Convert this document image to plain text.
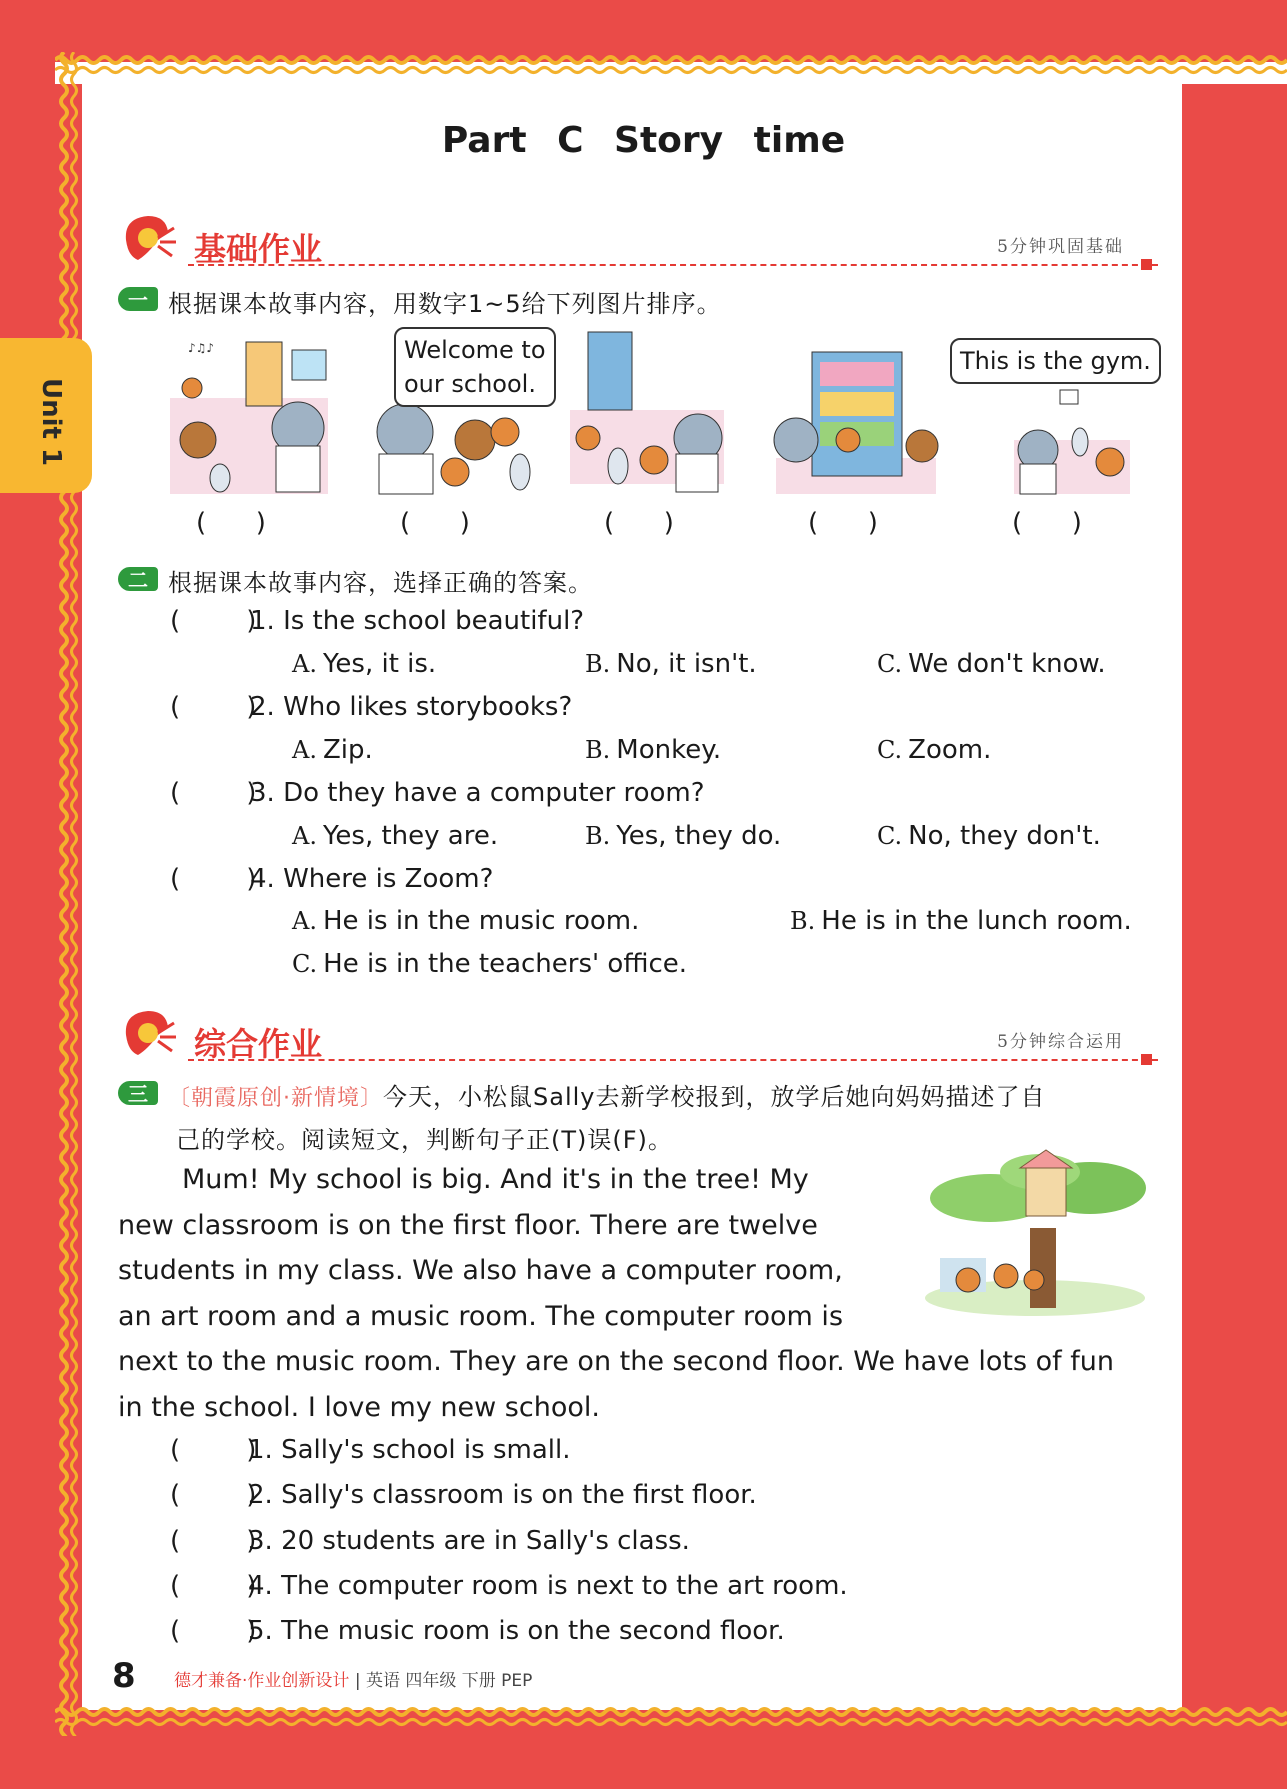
Unit 1
Part C Story time
基础作业	5分钟巩固基础
一 根据课本故事内容，用数字1~5给下列图片排序。
♪♫♪	Welcome to
our school.
This is the gym.
(      )	(      )	(      )	(      )	(      )
二 根据课本故事内容，选择正确的答案。
(        )
1. Is the school beautiful?
A. Yes, it is.	B. No, it isn't.	C. We don't know.
(        )
2. Who likes storybooks?
A. Zip.	B. Monkey.	C. Zoom.
(        )
3. Do they have a computer room?
A. Yes, they are.	B. Yes, they do.	C. No, they don't.
(        )
4. Where is Zoom?
A. He is in the music room.	B. He is in the lunch room.
C. He is in the teachers' office.
综合作业	5分钟综合运用
三 〔朝霞原创·新情境〕今天，小松鼠Sally去新学校报到，放学后她向妈妈描述了自
己的学校。阅读短文，判断句子正(T)误(F)。
Mum! My school is big. And it's in the tree! My
new classroom is on the first floor. There are twelve
students in my class. We also have a computer room,
an art room and a music room. The computer room is
next to the music room. They are on the second floor. We have lots of fun
in the school. I love my new school.
(        )
1. Sally's school is small.
(        )
2. Sally's classroom is on the first floor.
(        )
3. 20 students are in Sally's class.
(        )
4. The computer room is next to the art room.
(        )
5. The music room is on the second floor.
8	德才兼备·作业创新设计 | 英语 四年级 下册 PEP
